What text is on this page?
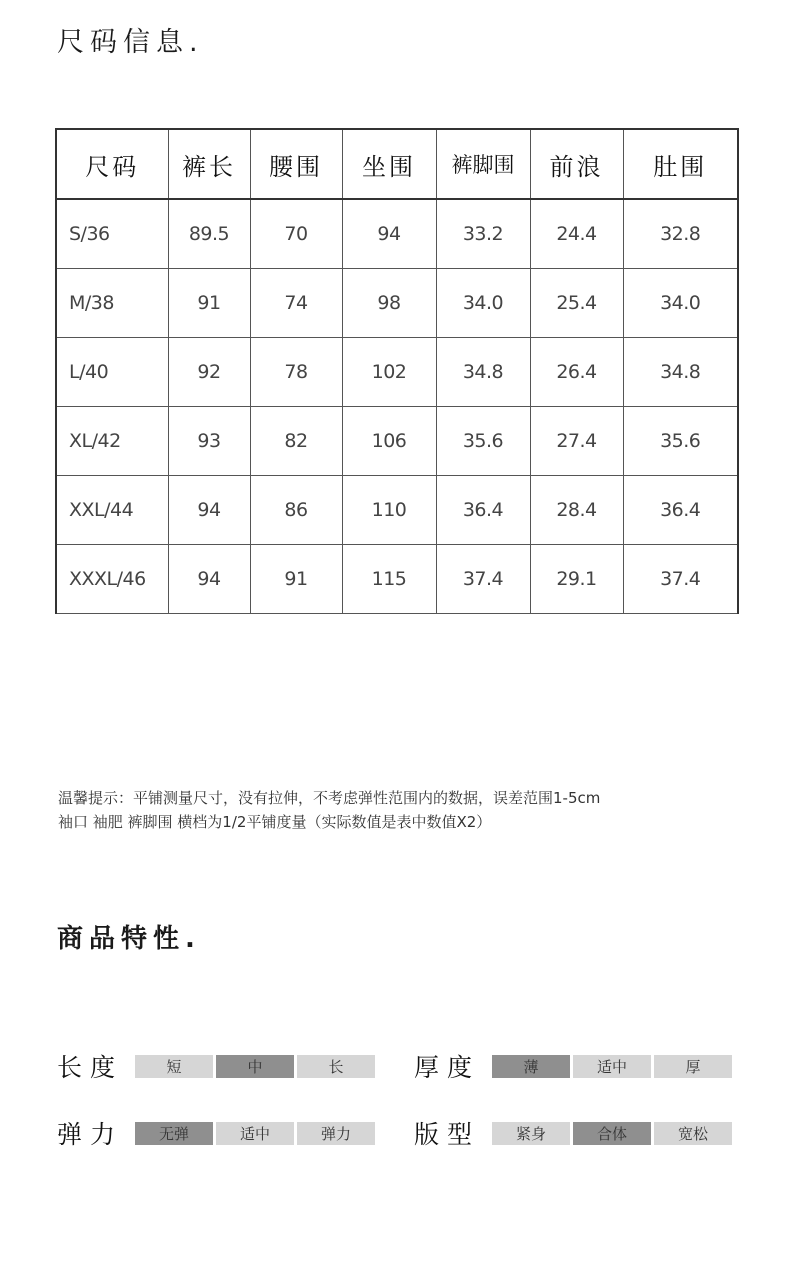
尺码信息.
尺码	裤长	腰围	坐围	裤脚围	前浪	肚围
S/36	89.5	70	94	33.2	24.4	32.8
M/38	91	74	98	34.0	25.4	34.0
L/40	92	78	102	34.8	26.4	34.8
XL/42	93	82	106	35.6	27.4	35.6
XXL/44	94	86	110	36.4	28.4	36.4
XXXL/46	94	91	115	37.4	29.1	37.4
温馨提示：平铺测量尺寸，没有拉伸，不考虑弹性范围内的数据，误差范围1-5cm
袖口 袖肥 裤脚围 横档为1/2平铺度量（实际数值是表中数值X2）
商品特性.
长度	短	中	长	厚度	薄	适中	厚
弹力	无弹	适中	弹力	版型	紧身	合体	宽松
